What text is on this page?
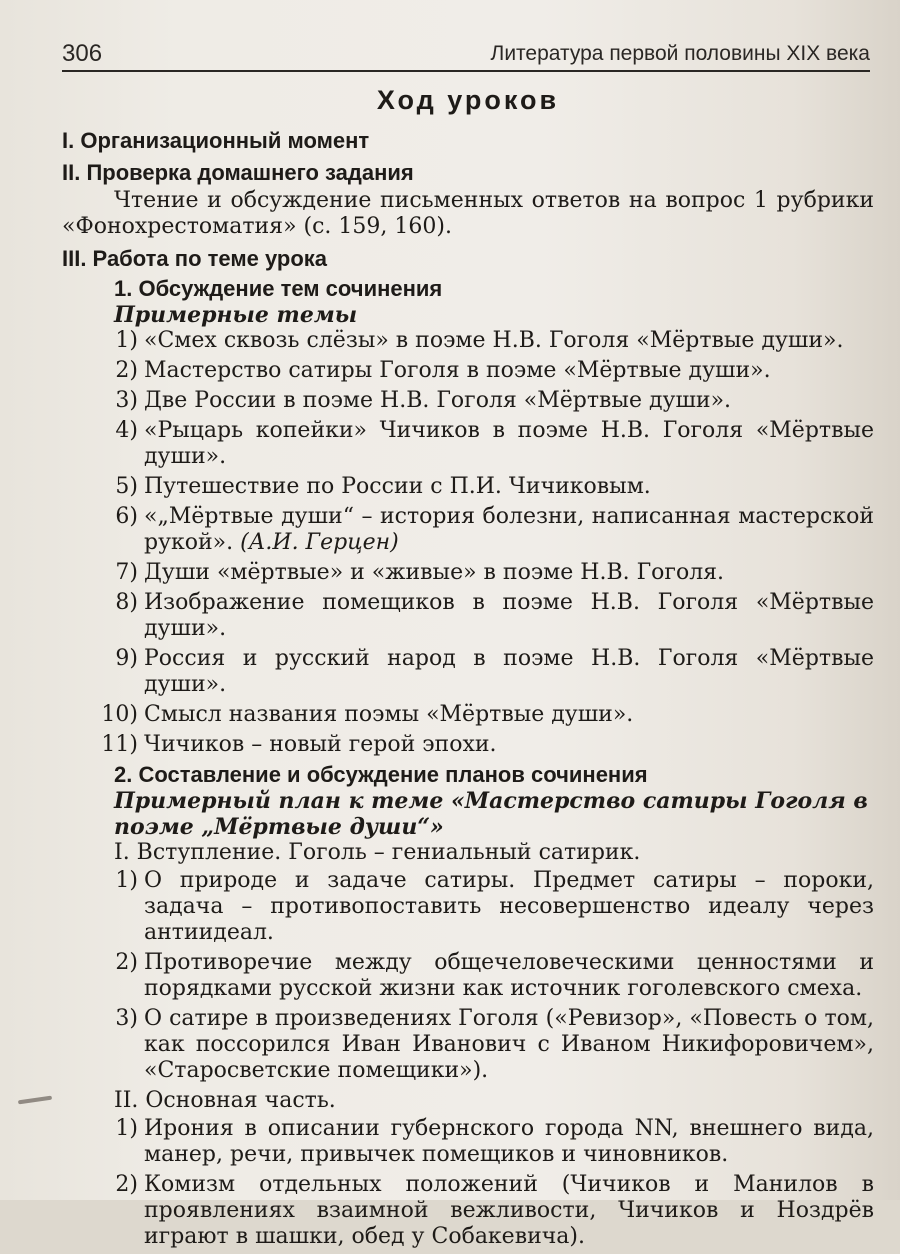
306	Литература первой половины XIX века
Ход уроков
I. Организационный момент
II. Проверка домашнего задания

Чтение и обсуждение письменных ответов на вопрос 1 рубрики «Фонохрестоматия» (с. 159, 160).

III. Работа по теме урока
1. Обсуждение тем сочинения
Примерные темы
1) «Смех сквозь слёзы» в поэме Н.В. Гоголя «Мёртвые души».
2) Мастерство сатиры Гоголя в поэме «Мёртвые души».
3) Две России в поэме Н.В. Гоголя «Мёртвые души».
4) «Рыцарь копейки» Чичиков в поэме Н.В. Гоголя «Мёртвые души».
5) Путешествие по России с П.И. Чичиковым.
6) «„Мёртвые души“ – история болезни, написанная мастерской рукой». (А.И. Герцен)
7) Души «мёртвые» и «живые» в поэме Н.В. Гоголя.
8) Изображение помещиков в поэме Н.В. Гоголя «Мёртвые души».
9) Россия и русский народ в поэме Н.В. Гоголя «Мёртвые души».
10) Смысл названия поэмы «Мёртвые души».
11) Чичиков – новый герой эпохи.
2. Составление и обсуждение планов сочинения
Примерный план к теме «Мастерство сатиры Гоголя в поэме „Мёртвые души“»
I. Вступление. Гоголь – гениальный сатирик.
1) О природе и задаче сатиры. Предмет сатиры – пороки, задача – противопоставить несовершенство идеалу через антиидеал.
2) Противоречие между общечеловеческими ценностями и порядками русской жизни как источник гоголевского смеха.
3) О сатире в произведениях Гоголя («Ревизор», «Повесть о том, как поссорился Иван Иванович с Иваном Никифоровичем», «Старосветские помещики»).
II. Основная часть.
1) Ирония в описании губернского города NN, внешнего вида, манер, речи, привычек помещиков и чиновников.
2) Комизм отдельных положений (Чичиков и Манилов в проявлениях взаимной вежливости, Чичиков и Ноздрёв играют в шашки, обед у Собакевича).
